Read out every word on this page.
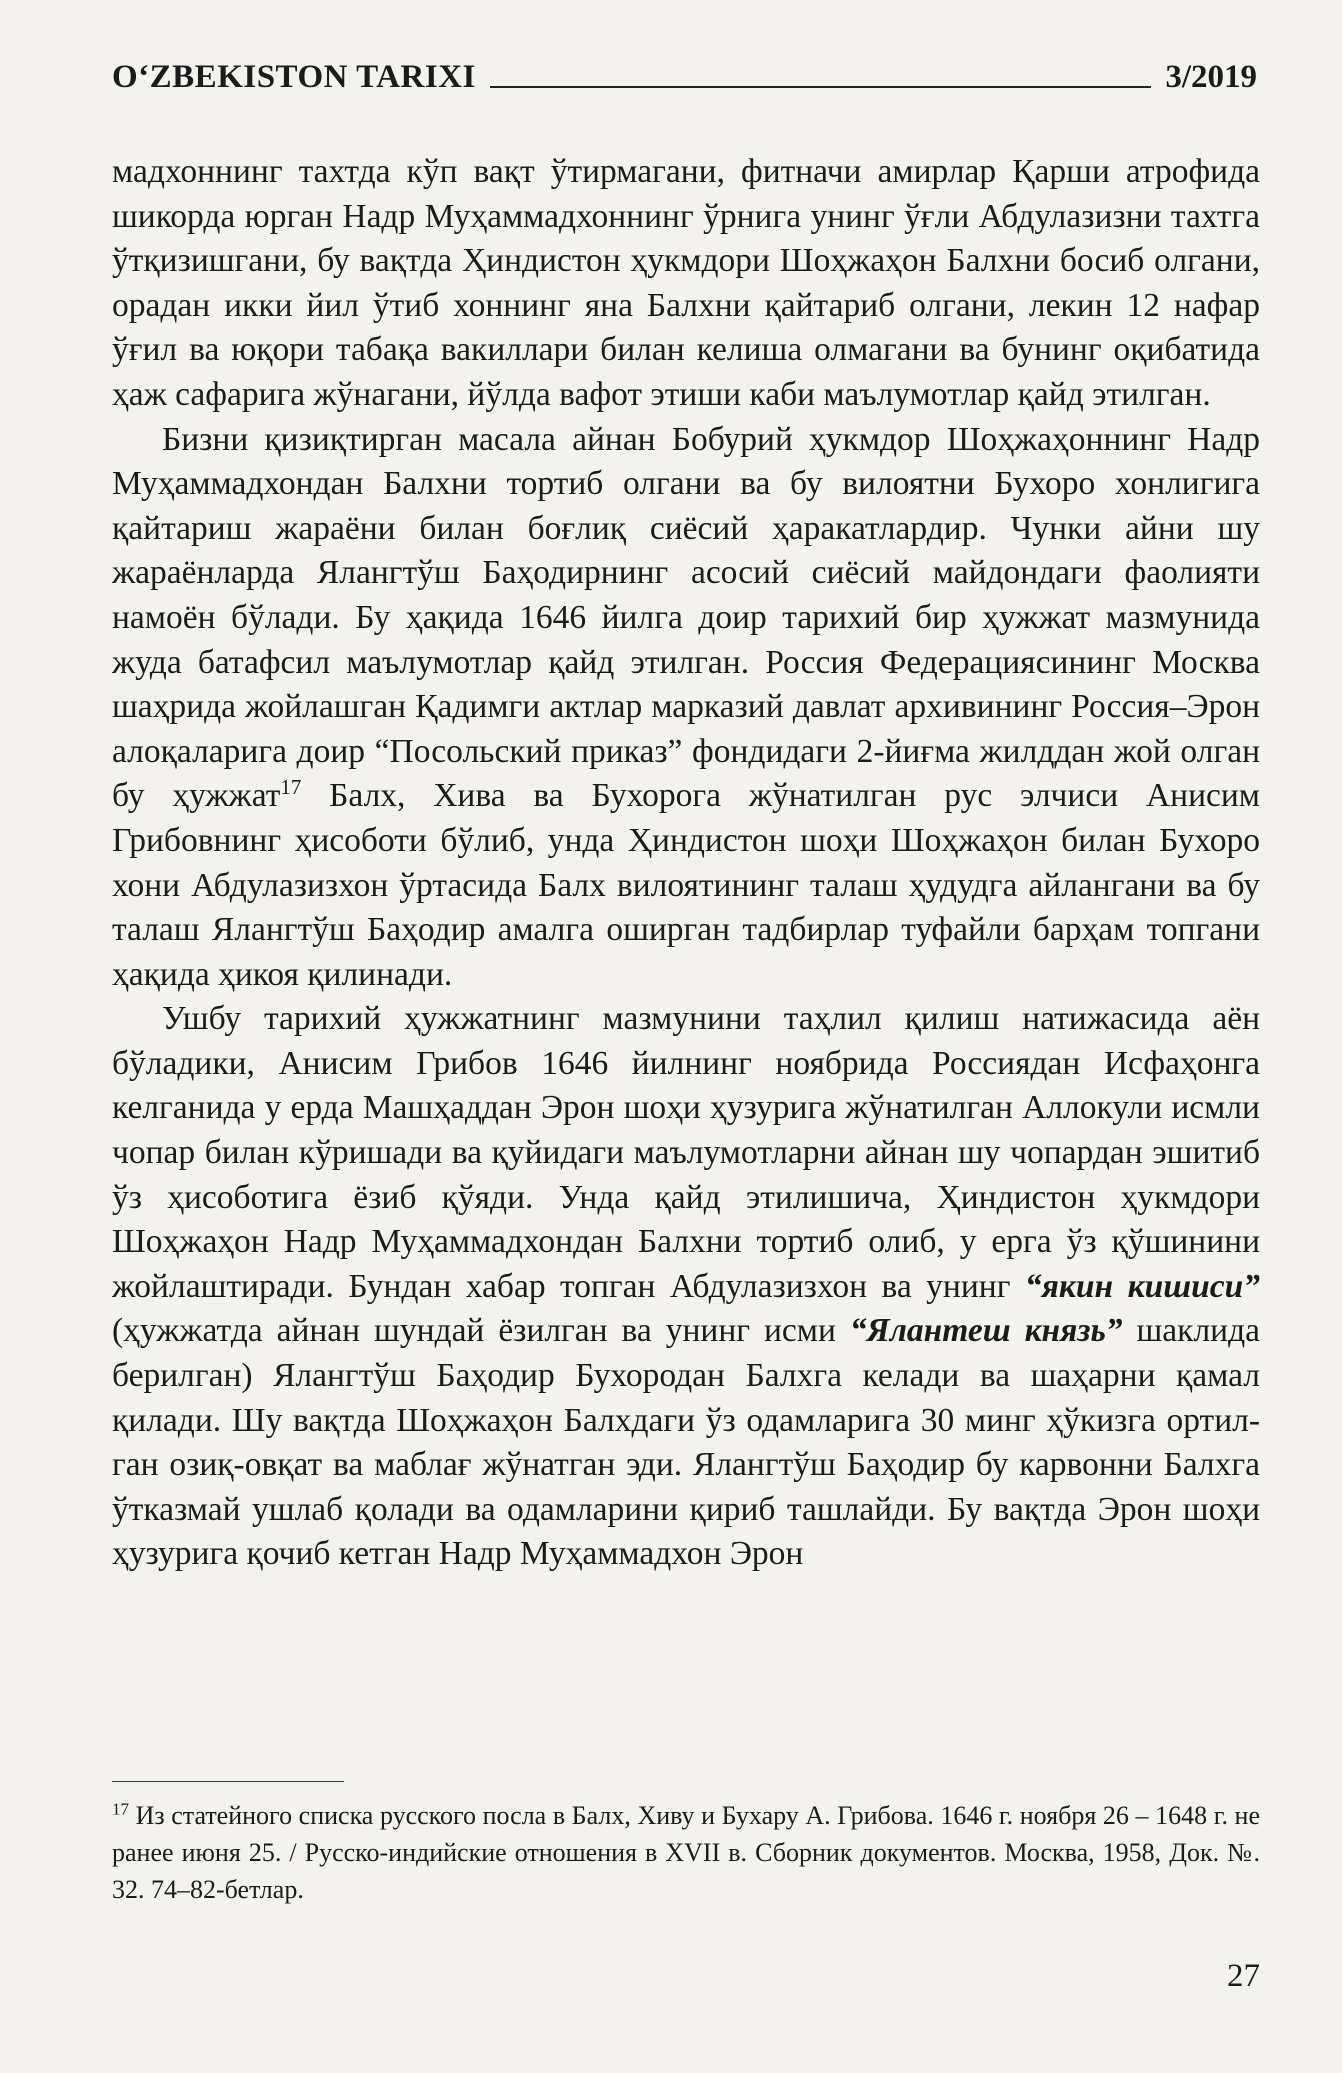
O‘ZBEKISTON TARIXI	3/2019

мадхоннинг тахтда кўп вақт ўтирмагани, фитначи амирлар Қарши атрофида шикорда юрган Надр Муҳаммадхоннинг ўрнига унинг ўғли Абдулазизни тахтга ўтқизишгани, бу вақтда Ҳиндистон ҳукмдори Шоҳжаҳон Балхни босиб олгани, орадан икки йил ўтиб хоннинг яна Балхни қайтариб олгани, лекин 12 нафар ўғил ва юқори табақа вакиллари билан келиша олмагани ва бунинг оқибатида ҳаж сафарига жўнагани, йўлда вафот этиши каби маълумотлар қайд этилган.

Бизни қизиқтирган масала айнан Бобурий ҳукмдор Шоҳжаҳоннинг Надр Муҳаммадхондан Балхни тортиб олгани ва бу вилоятни Бухоро хонлигига қайтариш жараёни билан боғлиқ сиёсий ҳаракатлардир. Чунки айни шу жараёнларда Ялангтўш Баҳодирнинг асосий сиёсий майдондаги фаолияти намоён бўлади. Бу ҳақида 1646 йилга доир тарихий бир ҳужжат мазмунида жуда батафсил маълумотлар қайд этилган. Россия Федерациясининг Москва шаҳрида жойлашган Қадимги актлар марказий давлат архивининг Россия–Эрон алоқаларига доир “Посольский приказ” фондидаги 2-йиғма жилддан жой олган бу ҳужжат$^{17}$ Балх, Хива ва Бухорога жўнатилган рус элчиси Анисим Грибовнинг ҳисоботи бўлиб, унда Ҳиндистон шоҳи Шоҳжаҳон билан Бухоро хони Абдулазизхон ўртасида Балх вилоятининг талаш ҳудудга айлангани ва бу талаш Ялангтўш Баҳодир амалга оширган тадбирлар туфайли барҳам топгани ҳақида ҳикоя қилинади.

Ушбу тарихий ҳужжатнинг мазмунини таҳлил қилиш натижасида аён бўладики, Анисим Грибов 1646 йилнинг ноябрида Россиядан Исфаҳонга келганида у ерда Машҳаддан Эрон шоҳи ҳузурига жўнатилган Аллокули исмли чопар билан кўришади ва қуйидаги маълумотларни айнан шу чопардан эшитиб ўз ҳисоботига ёзиб қўяди. Унда қайд этилишича, Ҳиндистон ҳукмдори Шоҳжаҳон Надр Муҳаммадхондан Балхни тортиб олиб, у ерга ўз қўшинини жойлаштиради. Бундан хабар топган Абдулазизхон ва унинг “якин кишиси” (ҳужжатда айнан шундай ёзилган ва унинг исми “Ялантеш князь” шаклида берилган) Ялангтўш Баҳодир Бухородан Балхга келади ва шаҳарни қамал қилади. Шу вақтда Шоҳжаҳон Балхдаги ўз одамларига 30 минг ҳўкизга ортилган озиқ-овқат ва маблағ жўнатган эди. Ялангтўш Баҳодир бу карвонни Балхга ўтказмай ушлаб қолади ва одамларини қириб ташлайди. Бу вақтда Эрон шоҳи ҳузурига қочиб кетган Надр Муҳаммадхон Эрон

$^{17}$ Из статейного списка русского посла в Балх, Хиву и Бухару А. Грибова. 1646 г. ноября 26 – 1648 г. не ранее июня 25. / Русско-индийские отношения в XVII в. Сборник документов. Москва, 1958, Док. №. 32. 74–82-бетлар.
27
